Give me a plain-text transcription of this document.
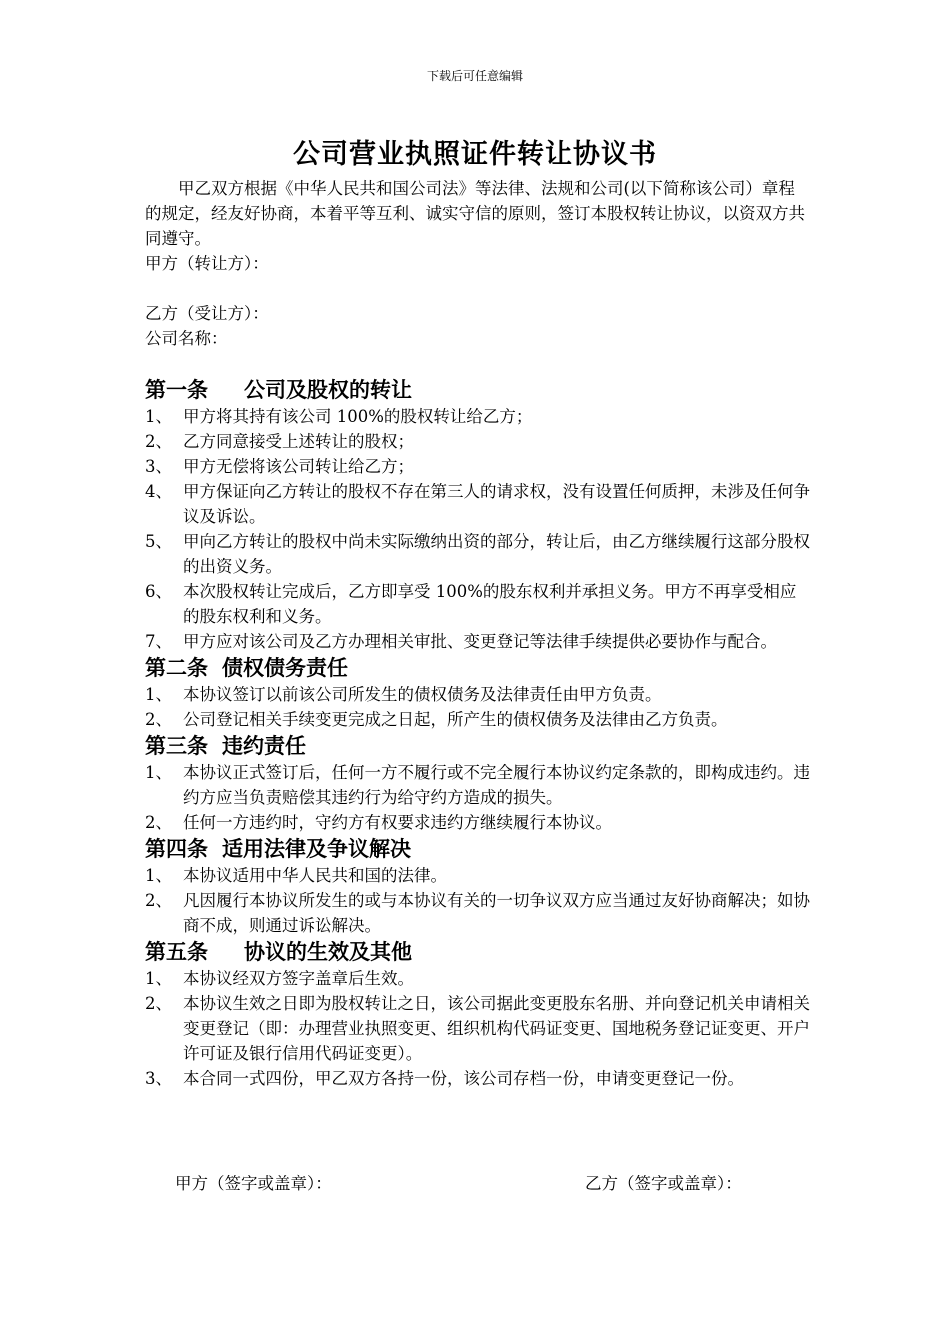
下载后可任意编辑
公司营业执照证件转让协议书

甲乙双方根据《中华人民共和国公司法》等法律、法规和公司(以下简称该公司）章程的规定，经友好协商，本着平等互利、诚实守信的原则，签订本股权转让协议，以资双方共同遵守。

甲方（转让方）：

乙方（受让方）：

公司名称：

第一条 公司及股权的转让

1、 甲方将其持有该公司 100%的股权转让给乙方；

2、 乙方同意接受上述转让的股权；

3、 甲方无偿将该公司转让给乙方；

4、 甲方保证向乙方转让的股权不存在第三人的请求权，没有设置任何质押，未涉及任何争议及诉讼。

5、 甲向乙方转让的股权中尚未实际缴纳出资的部分，转让后，由乙方继续履行这部分股权的出资义务。

6、 本次股权转让完成后，乙方即享受 100%的股东权利并承担义务。甲方不再享受相应的股东权利和义务。

7、 甲方应对该公司及乙方办理相关审批、变更登记等法律手续提供必要协作与配合。

第二条 债权债务责任

1、 本协议签订以前该公司所发生的债权债务及法律责任由甲方负责。

2、 公司登记相关手续变更完成之日起，所产生的债权债务及法律由乙方负责。

第三条 违约责任

1、 本协议正式签订后，任何一方不履行或不完全履行本协议约定条款的，即构成违约。违约方应当负责赔偿其违约行为给守约方造成的损失。

2、 任何一方违约时，守约方有权要求违约方继续履行本协议。

第四条 适用法律及争议解决

1、 本协议适用中华人民共和国的法律。

2、 凡因履行本协议所发生的或与本协议有关的一切争议双方应当通过友好协商解决；如协商不成，则通过诉讼解决。

第五条 协议的生效及其他

1、 本协议经双方签字盖章后生效。

2、 本协议生效之日即为股权转让之日，该公司据此变更股东名册、并向登记机关申请相关变更登记（即：办理营业执照变更、组织机构代码证变更、国地税务登记证变更、开户许可证及银行信用代码证变更）。

3、 本合同一式四份，甲乙双方各持一份，该公司存档一份，申请变更登记一份。

甲方（签字或盖章）：	乙方（签字或盖章）：
